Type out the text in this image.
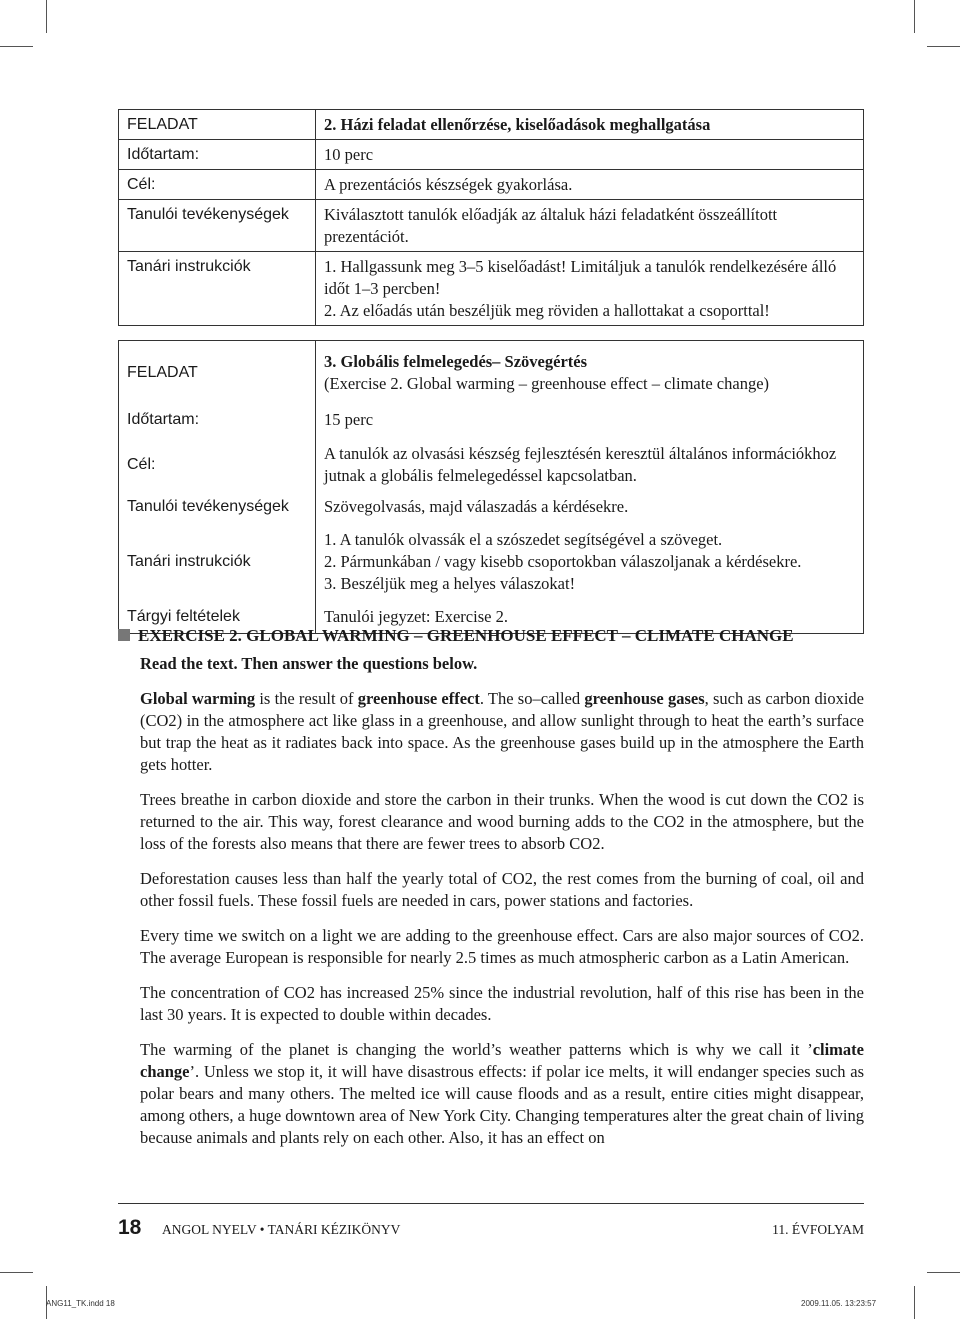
FELADAT	2. Házi feladat ellenőrzése, kiselőadások meghallgatása
Időtartam:	10 perc
Cél:	A prezentációs készségek gyakorlása.
Tanulói tevékenységek	Kiválasztott tanulók előadják az általuk házi feladatként összeállított prezentációt.
Tanári instrukciók	1. Hallgassunk meg 3–5 kiselőadást! Limitáljuk a tanulók rendelkezésére álló időt 1–3 percben!
2. Az előadás után beszéljük meg röviden a hallottakat a csoporttal!
FELADAT	3. Globális felmelegedés– Szövegértés
(Exercise 2. Global warming – greenhouse effect – climate change)

Időtartam:	15 perc
Cél:	A tanulók az olvasási készség fejlesztésén keresztül általános információkhoz jutnak a globális felmelegedéssel kapcsolatban.
Tanulói tevékenységek	Szövegolvasás, majd válaszadás a kérdésekre.
Tanári instrukciók	1. A tanulók olvassák el a szószedet segítségével a szöveget.
2. Pármunkában / vagy kisebb csoportokban válaszoljanak a kérdésekre.
3. Beszéljük meg a helyes válaszokat!

Tárgyi feltételek	Tanulói jegyzet: Exercise 2.
EXERCISE 2. GLOBAL WARMING – GREENHOUSE EFFECT – CLIMATE CHANGE
Read the text. Then answer the questions below.

Global warming is the result of greenhouse effect. The so–called greenhouse gases, such as carbon dioxide (CO2) in the atmosphere act like glass in a greenhouse, and allow sunlight through to heat the earth’s surface but trap the heat as it radiates back into space. As the greenhouse gases build up in the atmosphere the Earth gets hotter.

Trees breathe in carbon dioxide and store the carbon in their trunks. When the wood is cut down the CO2 is returned to the air. This way, forest clearance and wood burning adds to the CO2 in the atmosphere, but the loss of the forests also means that there are fewer trees to absorb CO2.

Deforestation causes less than half the yearly total of CO2, the rest comes from the burning of coal, oil and other fossil fuels. These fossil fuels are needed in cars, power stations and factories.

Every time we switch on a light we are adding to the greenhouse effect. Cars are also major sources of CO2. The average European is responsible for nearly 2.5 times as much atmospheric carbon as a Latin American.

The concentration of CO2 has increased 25% since the industrial revolution, half of this rise has been in the last 30 years. It is expected to double within decades.

The warming of the planet is changing the world’s weather patterns which is why we call it ’climate change’. Unless we stop it, it will have disastrous effects: if polar ice melts, it will endanger species such as polar bears and many others. The melted ice will cause floods and as a result, entire cities might disappear, among others, a huge downtown area of New York City. Changing temperatures alter the great chain of living because animals and plants rely on each other. Also, it has an effect on

18 ANGOL NYELV • TANÁRI KÉZIKÖNYV	11. ÉVFOLYAM
ANG11_TK.indd 18	2009.11.05. 13:23:57
